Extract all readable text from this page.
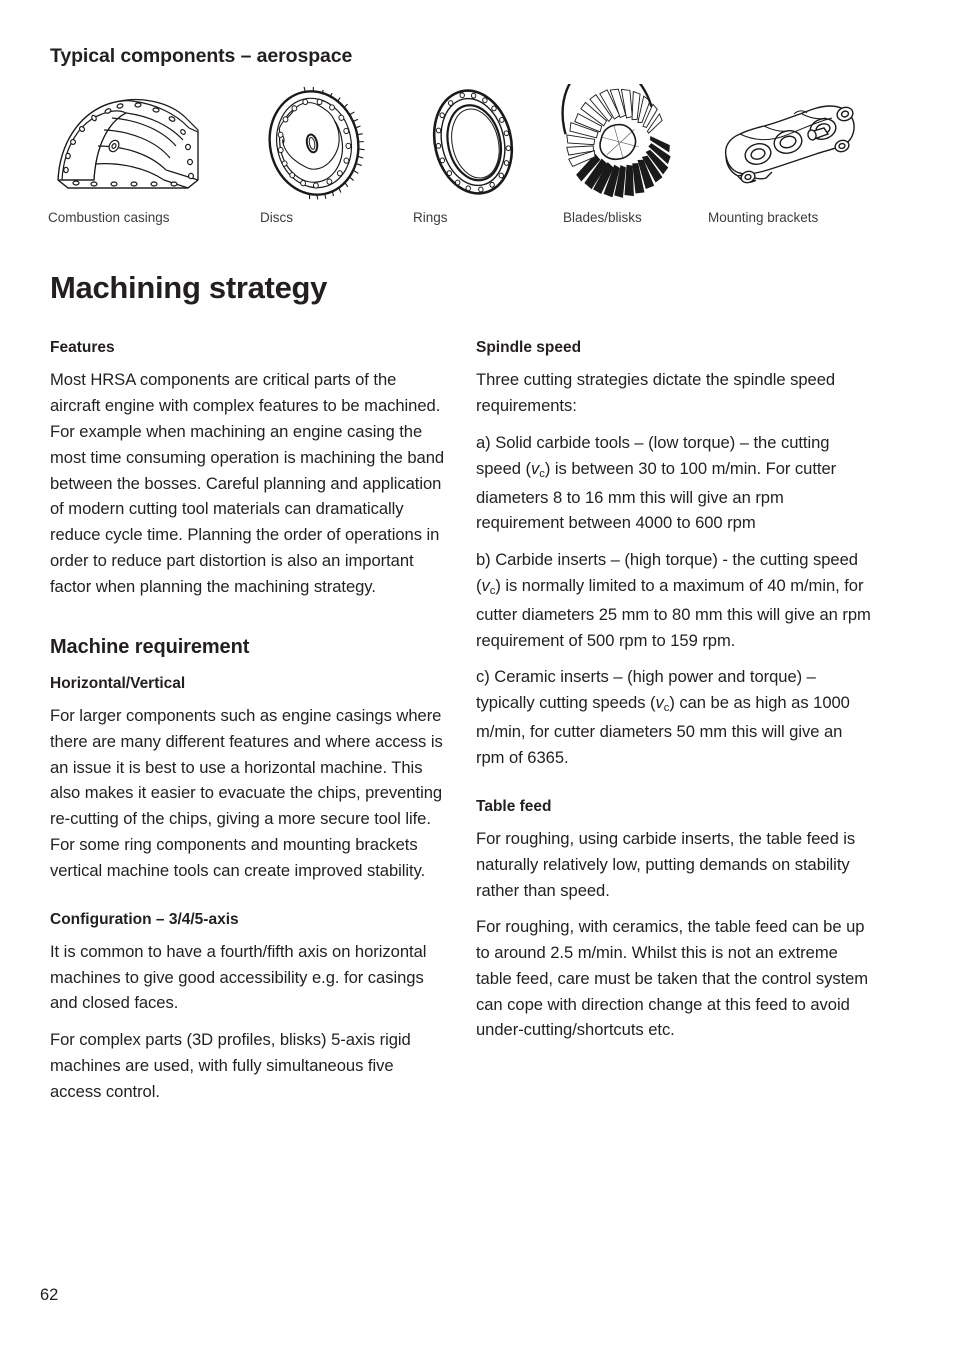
Typical components – aerospace
Combustion casings	Discs	Rings	Blades/blisks	Mounting brackets
Machining strategy
Features

Most HRSA components are critical parts of the aircraft engine with complex features to be machined. For example when machining an engine casing the most time consuming operation is machining the band between the bosses. Careful planning and application of modern cutting tool materials can dramatically reduce cycle time. Planning the order of operations in order to reduce part distortion is also an important factor when planning the machining strategy.

Machine requirement
Horizontal/Vertical

For larger components such as engine casings where there are many different features and where access is an issue it is best to use a horizontal machine. This also makes it easier to evacuate the chips, preventing re-cutting of the chips, giving a more secure tool life. For some ring components and mounting brackets vertical machine tools can create improved stability.

Configuration – 3/4/5-axis

It is common to have a fourth/fifth axis on horizontal machines to give good accessibility e.g. for casings and closed faces.

For complex parts (3D profiles, blisks) 5-axis rigid machines are used, with fully simultaneous five access control.

Spindle speed

Three cutting strategies dictate the spindle speed requirements:

a) Solid carbide tools – (low torque) – the cutting speed $(v_c)$ is between 30 to 100 m/min. For cutter diameters 8 to 16 mm this will give an rpm requirement between 4000 to 600 rpm

b) Carbide inserts – (high torque) - the cutting speed $(v_c)$ is normally limited to a maximum of 40 m/min, for cutter diameters 25 mm to 80 mm this will give an rpm requirement of 500 rpm to 159 rpm.

c) Ceramic inserts – (high power and torque) – typically cutting speeds $(v_c)$ can be as high as 1000 m/min, for cutter diameters 50 mm this will give an rpm of 6365.

Table feed

For roughing, using carbide inserts, the table feed is naturally relatively low, putting demands on stability rather than speed.

For roughing, with ceramics, the table feed can be up to around 2.5 m/min. Whilst this is not an extreme table feed, care must be taken that the control system can cope with direction change at this feed to avoid under-cutting/shortcuts etc.

62
